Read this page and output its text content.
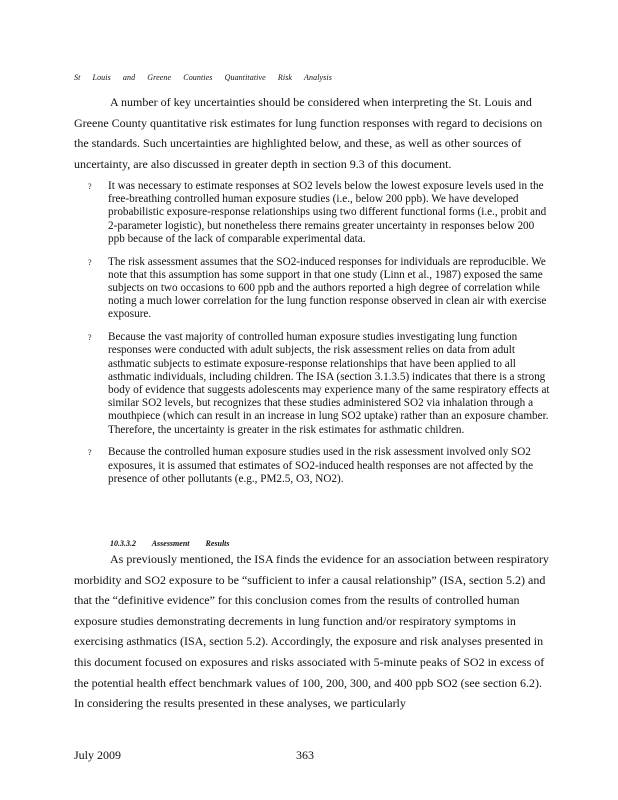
St Louis and Greene Counties Quantitative Risk Analysis
A number of key uncertainties should be considered when interpreting the St. Louis and Greene County quantitative risk estimates for lung function responses with regard to decisions on the standards. Such uncertainties are highlighted below, and these, as well as other sources of uncertainty, are also discussed in greater depth in section 9.3 of this document.
? It was necessary to estimate responses at SO2 levels below the lowest exposure levels used in the free-breathing controlled human exposure studies (i.e., below 200 ppb). We have developed probabilistic exposure-response relationships using two different functional forms (i.e., probit and 2-parameter logistic), but nonetheless there remains greater uncertainty in responses below 200 ppb because of the lack of comparable experimental data.
? The risk assessment assumes that the SO2-induced responses for individuals are reproducible. We note that this assumption has some support in that one study (Linn et al., 1987) exposed the same subjects on two occasions to 600 ppb and the authors reported a high degree of correlation while noting a much lower correlation for the lung function response observed in clean air with exercise exposure.
? Because the vast majority of controlled human exposure studies investigating lung function responses were conducted with adult subjects, the risk assessment relies on data from adult asthmatic subjects to estimate exposure-response relationships that have been applied to all asthmatic individuals, including children. The ISA (section 3.1.3.5) indicates that there is a strong body of evidence that suggests adolescents may experience many of the same respiratory effects at similar SO2 levels, but recognizes that these studies administered SO2 via inhalation through a mouthpiece (which can result in an increase in lung SO2 uptake) rather than an exposure chamber. Therefore, the uncertainty is greater in the risk estimates for asthmatic children.
? Because the controlled human exposure studies used in the risk assessment involved only SO2 exposures, it is assumed that estimates of SO2-induced health responses are not affected by the presence of other pollutants (e.g., PM2.5, O3, NO2).
10.3.3.2 Assessment Results
As previously mentioned, the ISA finds the evidence for an association between respiratory morbidity and SO2 exposure to be “sufficient to infer a causal relationship” (ISA, section 5.2) and that the “definitive evidence” for this conclusion comes from the results of controlled human exposure studies demonstrating decrements in lung function and/or respiratory symptoms in exercising asthmatics (ISA, section 5.2). Accordingly, the exposure and risk analyses presented in this document focused on exposures and risks associated with 5-minute peaks of SO2 in excess of the potential health effect benchmark values of 100, 200, 300, and 400 ppb SO2 (see section 6.2). In considering the results presented in these analyses, we particularly
July 2009	363
